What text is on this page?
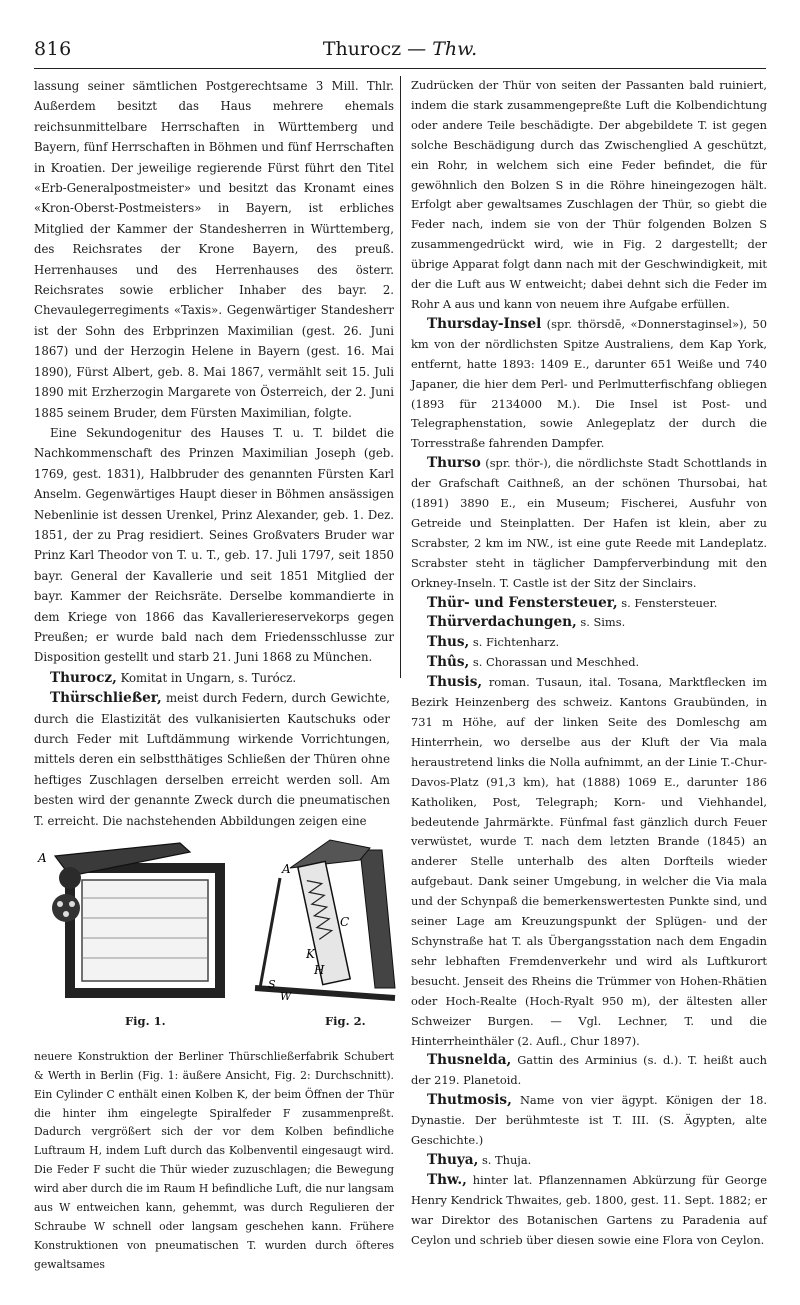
816	Thurocz — Thw.

lassung seiner sämtlichen Postgerechtsame 3 Mill. Thlr. Außerdem besitzt das Haus mehrere ehemals reichsunmittelbare Herrschaften in Württemberg und Bayern, fünf Herrschaften in Böhmen und fünf Herrschaften in Kroatien. Der jeweilige regierende Fürst führt den Titel «Erb-Generalpostmeister» und besitzt das Kronamt eines «Kron-Oberst-Postmeisters» in Bayern, ist erbliches Mitglied der Kammer der Standesherren in Württemberg, des Reichsrates der Krone Bayern, des preuß. Herrenhauses und des Herrenhauses des österr. Reichsrates sowie erblicher Inhaber des bayr. 2. Chevaulegerregiments «Taxis». Gegenwärtiger Standesherr ist der Sohn des Erbprinzen Maximilian (gest. 26. Juni 1867) und der Herzogin Helene in Bayern (gest. 16. Mai 1890), Fürst Albert, geb. 8. Mai 1867, vermählt seit 15. Juli 1890 mit Erzherzogin Margarete von Österreich, der 2. Juni 1885 seinem Bruder, dem Fürsten Maximilian, folgte.

Eine Sekundogenitur des Hauses T. u. T. bildet die Nachkommenschaft des Prinzen Maximilian Joseph (geb. 1769, gest. 1831), Halbbruder des genannten Fürsten Karl Anselm. Gegenwärtiges Haupt dieser in Böhmen ansässigen Nebenlinie ist dessen Urenkel, Prinz Alexander, geb. 1. Dez. 1851, der zu Prag residiert. Seines Großvaters Bruder war Prinz Karl Theodor von T. u. T., geb. 17. Juli 1797, seit 1850 bayr. General der Kavallerie und seit 1851 Mitglied der bayr. Kammer der Reichsräte. Derselbe kommandierte in dem Kriege von 1866 das Kavalleriereservekorps gegen Preußen; er wurde bald nach dem Friedensschlusse zur Disposition gestellt und starb 21. Juni 1868 zu München.

Thurocz, Komitat in Ungarn, s. Turócz.

Thürschließer, meist durch Federn, durch Gewichte, durch die Elastizität des vulkanisierten Kautschuks oder durch Feder mit Luftdämmung wirkende Vorrichtungen, mittels deren ein selbstthätiges Schließen der Thüren ohne heftiges Zuschlagen derselben erreicht werden soll. Am besten wird der genannte Zweck durch die pneumatischen T. erreicht. Die nachstehenden Abbildungen zeigen eine

A
A
C
K
H
S
W
Fig. 1.	Fig. 2.

neuere Konstruktion der Berliner Thürschließerfabrik Schubert & Werth in Berlin (Fig. 1: äußere Ansicht, Fig. 2: Durchschnitt). Ein Cylinder C enthält einen Kolben K, der beim Öffnen der Thür die hinter ihm eingelegte Spiralfeder F zusammenpreßt. Dadurch vergrößert sich der vor dem Kolben befindliche Luftraum H, indem Luft durch das Kolbenventil eingesaugt wird. Die Feder F sucht die Thür wieder zuzuschlagen; die Bewegung wird aber durch die im Raum H befindliche Luft, die nur langsam aus W entweichen kann, gehemmt, was durch Regulieren der Schraube W schnell oder langsam geschehen kann. Frühere Konstruktionen von pneumatischen T. wurden durch öfteres gewaltsames

Zudrücken der Thür von seiten der Passanten bald ruiniert, indem die stark zusammengepreßte Luft die Kolbendichtung oder andere Teile beschädigte. Der abgebildete T. ist gegen solche Beschädigung durch das Zwischenglied A geschützt, ein Rohr, in welchem sich eine Feder befindet, die für gewöhnlich den Bolzen S in die Röhre hineingezogen hält. Erfolgt aber gewaltsames Zuschlagen der Thür, so giebt die Feder nach, indem sie von der Thür folgenden Bolzen S zusammengedrückt wird, wie in Fig. 2 dargestellt; der übrige Apparat folgt dann nach mit der Geschwindigkeit, mit der die Luft aus W entweicht; dabei dehnt sich die Feder im Rohr A aus und kann von neuem ihre Aufgabe erfüllen.

Thursday-Insel (spr. thörsdē, «Donnerstaginsel»), 50 km von der nördlichsten Spitze Australiens, dem Kap York, entfernt, hatte 1893: 1409 E., darunter 651 Weiße und 740 Japaner, die hier dem Perl- und Perlmutterfischfang obliegen (1893 für 2134000 M.). Die Insel ist Post- und Telegraphenstation, sowie Anlegeplatz der durch die Torresstraße fahrenden Dampfer.

Thurso (spr. thör-), die nördlichste Stadt Schottlands in der Grafschaft Caithneß, an der schönen Thursobai, hat (1891) 3890 E., ein Museum; Fischerei, Ausfuhr von Getreide und Steinplatten. Der Hafen ist klein, aber zu Scrabster, 2 km im NW., ist eine gute Reede mit Landeplatz. Scrabster steht in täglicher Dampferverbindung mit den Orkney-Inseln. T. Castle ist der Sitz der Sinclairs.

Thür- und Fenstersteuer, s. Fenstersteuer.

Thürverdachungen, s. Sims.

Thus, s. Fichtenharz.

Thûs, s. Chorassan und Meschhed.

Thusis, roman. Tusaun, ital. Tosana, Marktflecken im Bezirk Heinzenberg des schweiz. Kantons Graubünden, in 731 m Höhe, auf der linken Seite des Domleschg am Hinterrhein, wo derselbe aus der Kluft der Via mala heraustretend links die Nolla aufnimmt, an der Linie T.-Chur-Davos-Platz (91,3 km), hat (1888) 1069 E., darunter 186 Katholiken, Post, Telegraph; Korn- und Viehhandel, bedeutende Jahrmärkte. Fünfmal fast gänzlich durch Feuer verwüstet, wurde T. nach dem letzten Brande (1845) an anderer Stelle unterhalb des alten Dorfteils wieder aufgebaut. Dank seiner Umgebung, in welcher die Via mala und der Schynpaß die bemerkenswertesten Punkte sind, und seiner Lage am Kreuzungspunkt der Splügen- und der Schynstraße hat T. als Übergangsstation nach dem Engadin sehr lebhaften Fremdenverkehr und wird als Luftkurort besucht. Jenseit des Rheins die Trümmer von Hohen-Rhätien oder Hoch-Realte (Hoch-Ryalt 950 m), der ältesten aller Schweizer Burgen. — Vgl. Lechner, T. und die Hinterrheinthäler (2. Aufl., Chur 1897).

Thusnelda, Gattin des Arminius (s. d.). T. heißt auch der 219. Planetoid.

Thutmosis, Name von vier ägypt. Königen der 18. Dynastie. Der berühmteste ist T. III. (S. Ägypten, alte Geschichte.)

Thuya, s. Thuja.

Thw., hinter lat. Pflanzennamen Abkürzung für George Henry Kendrick Thwaites, geb. 1800, gest. 11. Sept. 1882; er war Direktor des Botanischen Gartens zu Paradenia auf Ceylon und schrieb über diesen sowie eine Flora von Ceylon.
